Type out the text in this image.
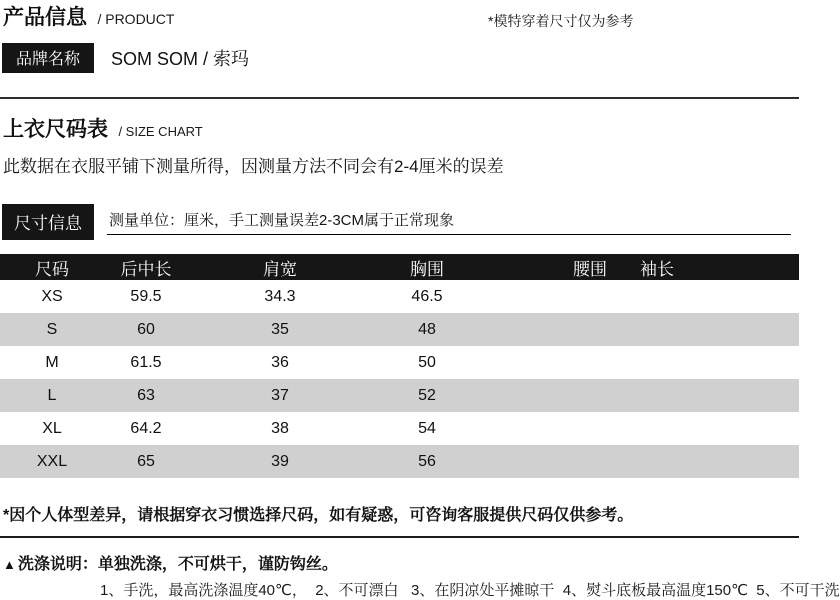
产品信息 / PRODUCT	*模特穿着尺寸仅为参考
品牌名称	SOM SOM / 索玛
上衣尺码表 / SIZE CHART
此数据在衣服平铺下测量所得，因测量方法不同会有2-4厘米的误差
尺寸信息	测量单位：厘米，手工测量误差2-3CM属于正常现象
尺码	后中长	肩宽	胸围		腰围	袖长	
XS	59.5	34.3	46.5				
S	60	35	48				
M	61.5	36	50				
L	63	37	52				
XL	64.2	38	54				
XXL	65	39	56				
*因个人体型差异，请根据穿衣习惯选择尺码，如有疑惑，可咨询客服提供尺码仅供参考。
▲ 洗涤说明：单独洗涤，不可烘干，谨防钩丝。
1、手洗，最高洗涤温度40℃，  2、不可漂白   3、在阴凉处平摊晾干  4、熨斗底板最高温度150℃  5、不可干洗
